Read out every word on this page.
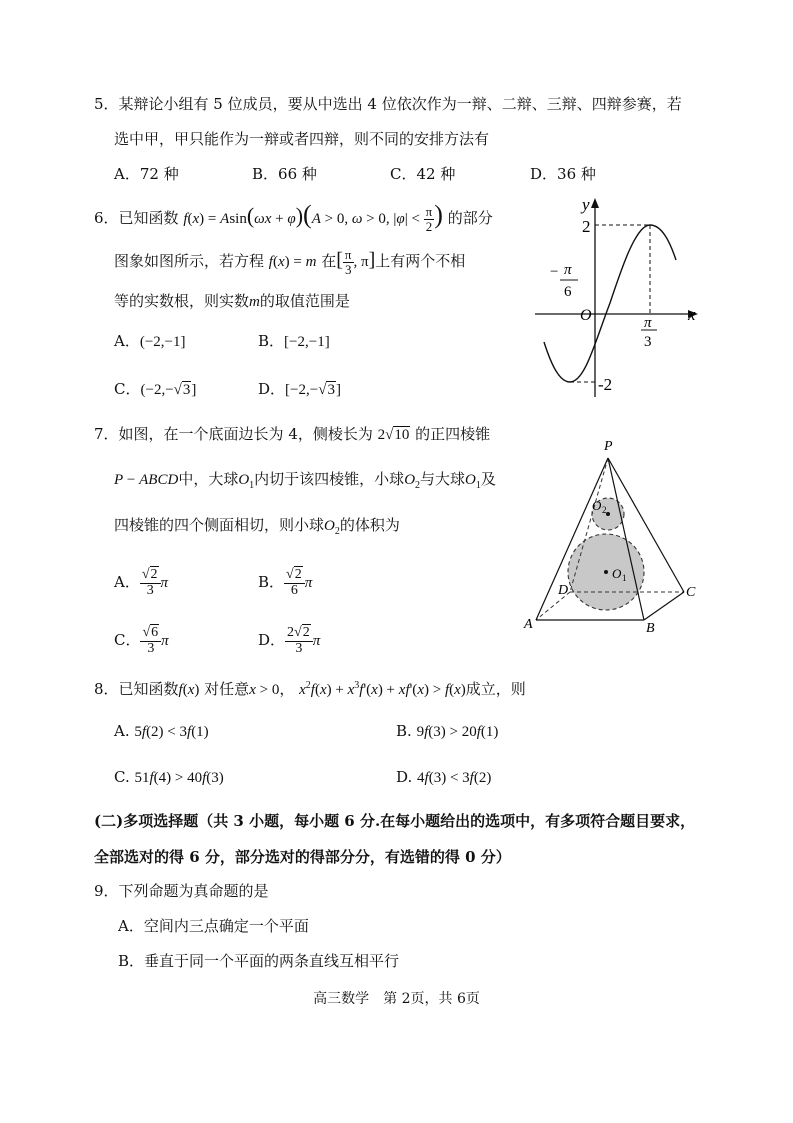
5．某辩论小组有 5 位成员，要从中选出 4 位依次作为一辩、二辩、三辩、四辩参赛，若
选中甲，甲只能作为一辩或者四辩，则不同的安排方法有
A．72 种	B．66 种	C．42 种	D．36 种
6．已知函数 f(x) = Asin(ωx + φ)(A > 0, ω > 0, $|\varphi| < \frac{\pi}{2}$ ) 的部分
图象如图所示，若方程 f(x) = m 在[ $\frac{\pi}{3}$ , π]上有两个不相
等的实数根，则实数m的取值范围是
A．(−2,−1]	B．[−2,−1]
C．(−2,−√3]	D．[−2,−√3]
y
x
O
2
-2
− π
6
π
3
7．如图，在一个底面边长为 4，侧棱长为 2√10 的正四棱锥
P − ABCD中，大球$O_1$内切于该四棱锥，小球$O_2$与大球$O_1$及
四棱锥的四个侧面相切，则小球$O_2$的体积为
A． $\frac{√2}{3}$ π	B． $\frac{√2}{6}$ π
C． $\frac{√6}{3}$ π	D． $\frac{2√2}{3}$ π
P
A	B
C
D
O 1
O 2
8．已知函数f(x) 对任意x > 0， $x^2f(x) + x^3f'(x) + xf'(x) > f(x)$成立，则
A. 5f(2) < 3f(1)	B. 9f(3) > 20f(1)
C. 51f(4) > 40f(3)	D. 4f(3) < 3f(2)
(二)多项选择题（共 3 小题，每小题 6 分.在每小题给出的选项中，有多项符合题目要求，
全部选对的得 6 分，部分选对的得部分分，有选错的得 0 分）
9．下列命题为真命题的是
A．空间内三点确定一个平面
B．垂直于同一个平面的两条直线互相平行
高三数学　第 2页，共 6页
